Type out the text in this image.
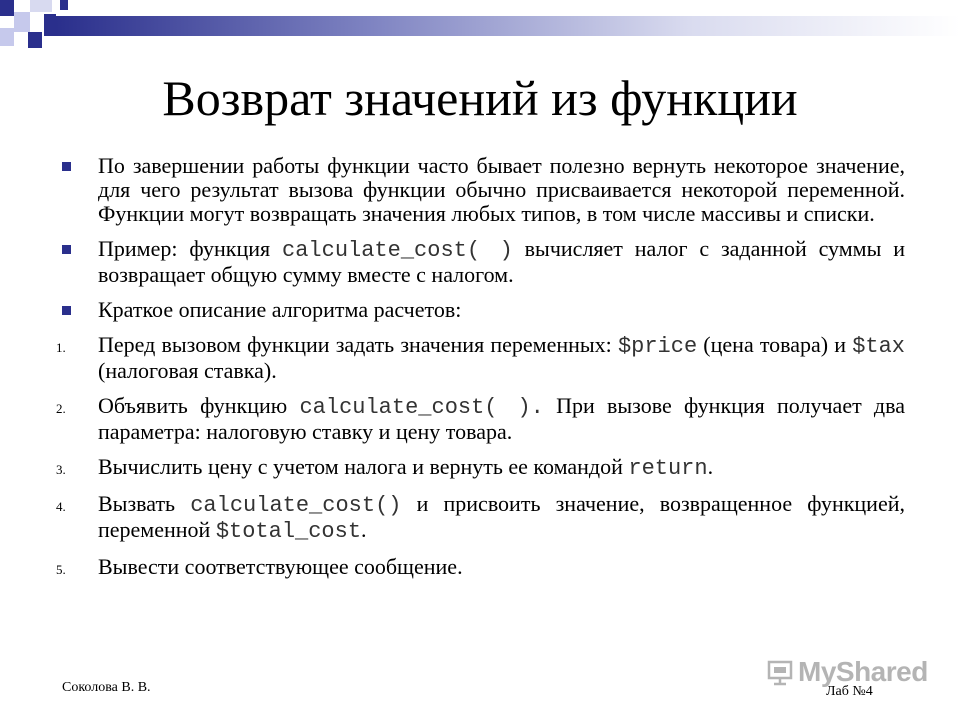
Возврат значений из функции
По завершении работы функции часто бывает полезно вернуть некоторое значение, для чего результат вызова функции обычно присваивается некоторой переменной. Функции могут возвращать значения любых типов, в том числе массивы и списки.
Пример: функция calculate_cost( ) вычисляет налог с заданной суммы и возвращает общую сумму вместе с налогом.
Краткое описание алгоритма расчетов:
1.	Перед вызовом функции задать значения переменных: $price (цена товара) и $tax (налоговая ставка).
2.	Объявить функцию calculate_cost( ). При вызове функция получает два параметра: налоговую ставку и цену товара.
3.	Вычислить цену с учетом налога и вернуть ее командой return.
4.	Вызвать calculate_cost() и присвоить значение, возвращенное функцией, переменной $total_cost.
5.	Вывести соответствующее сообщение.
Соколова В. В.	Лаб №4
MyShared
